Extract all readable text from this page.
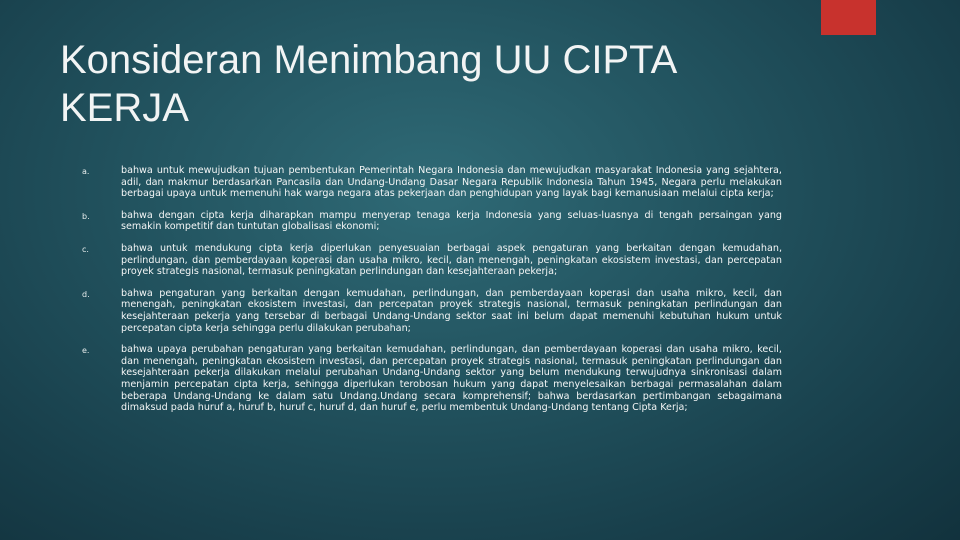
Konsideran Menimbang UU CIPTA KERJA
a.	bahwa untuk mewujudkan tujuan pembentukan Pemerintah Negara Indonesia dan mewujudkan masyarakat Indonesia yang sejahtera, adil, dan makmur berdasarkan Pancasila dan Undang-Undang Dasar Negara Republik Indonesia Tahun 1945, Negara perlu melakukan berbagai upaya untuk memenuhi hak warga negara atas pekerjaan dan penghidupan yang layak bagi kemanusiaan melalui cipta kerja;
b.	bahwa dengan cipta kerja diharapkan mampu menyerap tenaga kerja Indonesia yang seluas-luasnya di tengah persaingan yang semakin kompetitif dan tuntutan globalisasi ekonomi;
c.	bahwa untuk mendukung cipta kerja diperlukan penyesuaian berbagai aspek pengaturan yang berkaitan dengan kemudahan, perlindungan, dan pemberdayaan koperasi dan usaha mikro, kecil, dan menengah, peningkatan ekosistem investasi, dan percepatan proyek strategis nasional, termasuk peningkatan perlindungan dan kesejahteraan pekerja;
d.	bahwa pengaturan yang berkaitan dengan kemudahan, perlindungan, dan pemberdayaan koperasi dan usaha mikro, kecil, dan menengah, peningkatan ekosistem investasi, dan percepatan proyek strategis nasional, termasuk peningkatan perlindungan dan kesejahteraan pekerja yang tersebar di berbagai Undang-Undang sektor saat ini belum dapat memenuhi kebutuhan hukum untuk percepatan cipta kerja sehingga perlu dilakukan perubahan;
e.	bahwa upaya perubahan pengaturan yang berkaitan kemudahan, perlindungan, dan pemberdayaan koperasi dan usaha mikro, kecil, dan menengah, peningkatan ekosistem investasi, dan percepatan proyek strategis nasional, termasuk peningkatan perlindungan dan kesejahteraan pekerja dilakukan melalui perubahan Undang-Undang sektor yang belum mendukung terwujudnya sinkronisasi dalam menjamin percepatan cipta kerja, sehingga diperlukan terobosan hukum yang dapat menyelesaikan berbagai permasalahan dalam beberapa Undang-Undang ke dalam satu Undang.Undang secara komprehensif; bahwa berdasarkan pertimbangan sebagaimana dimaksud pada huruf a, huruf b, huruf c, huruf d, dan huruf e, perlu membentuk Undang-Undang tentang Cipta Kerja;
